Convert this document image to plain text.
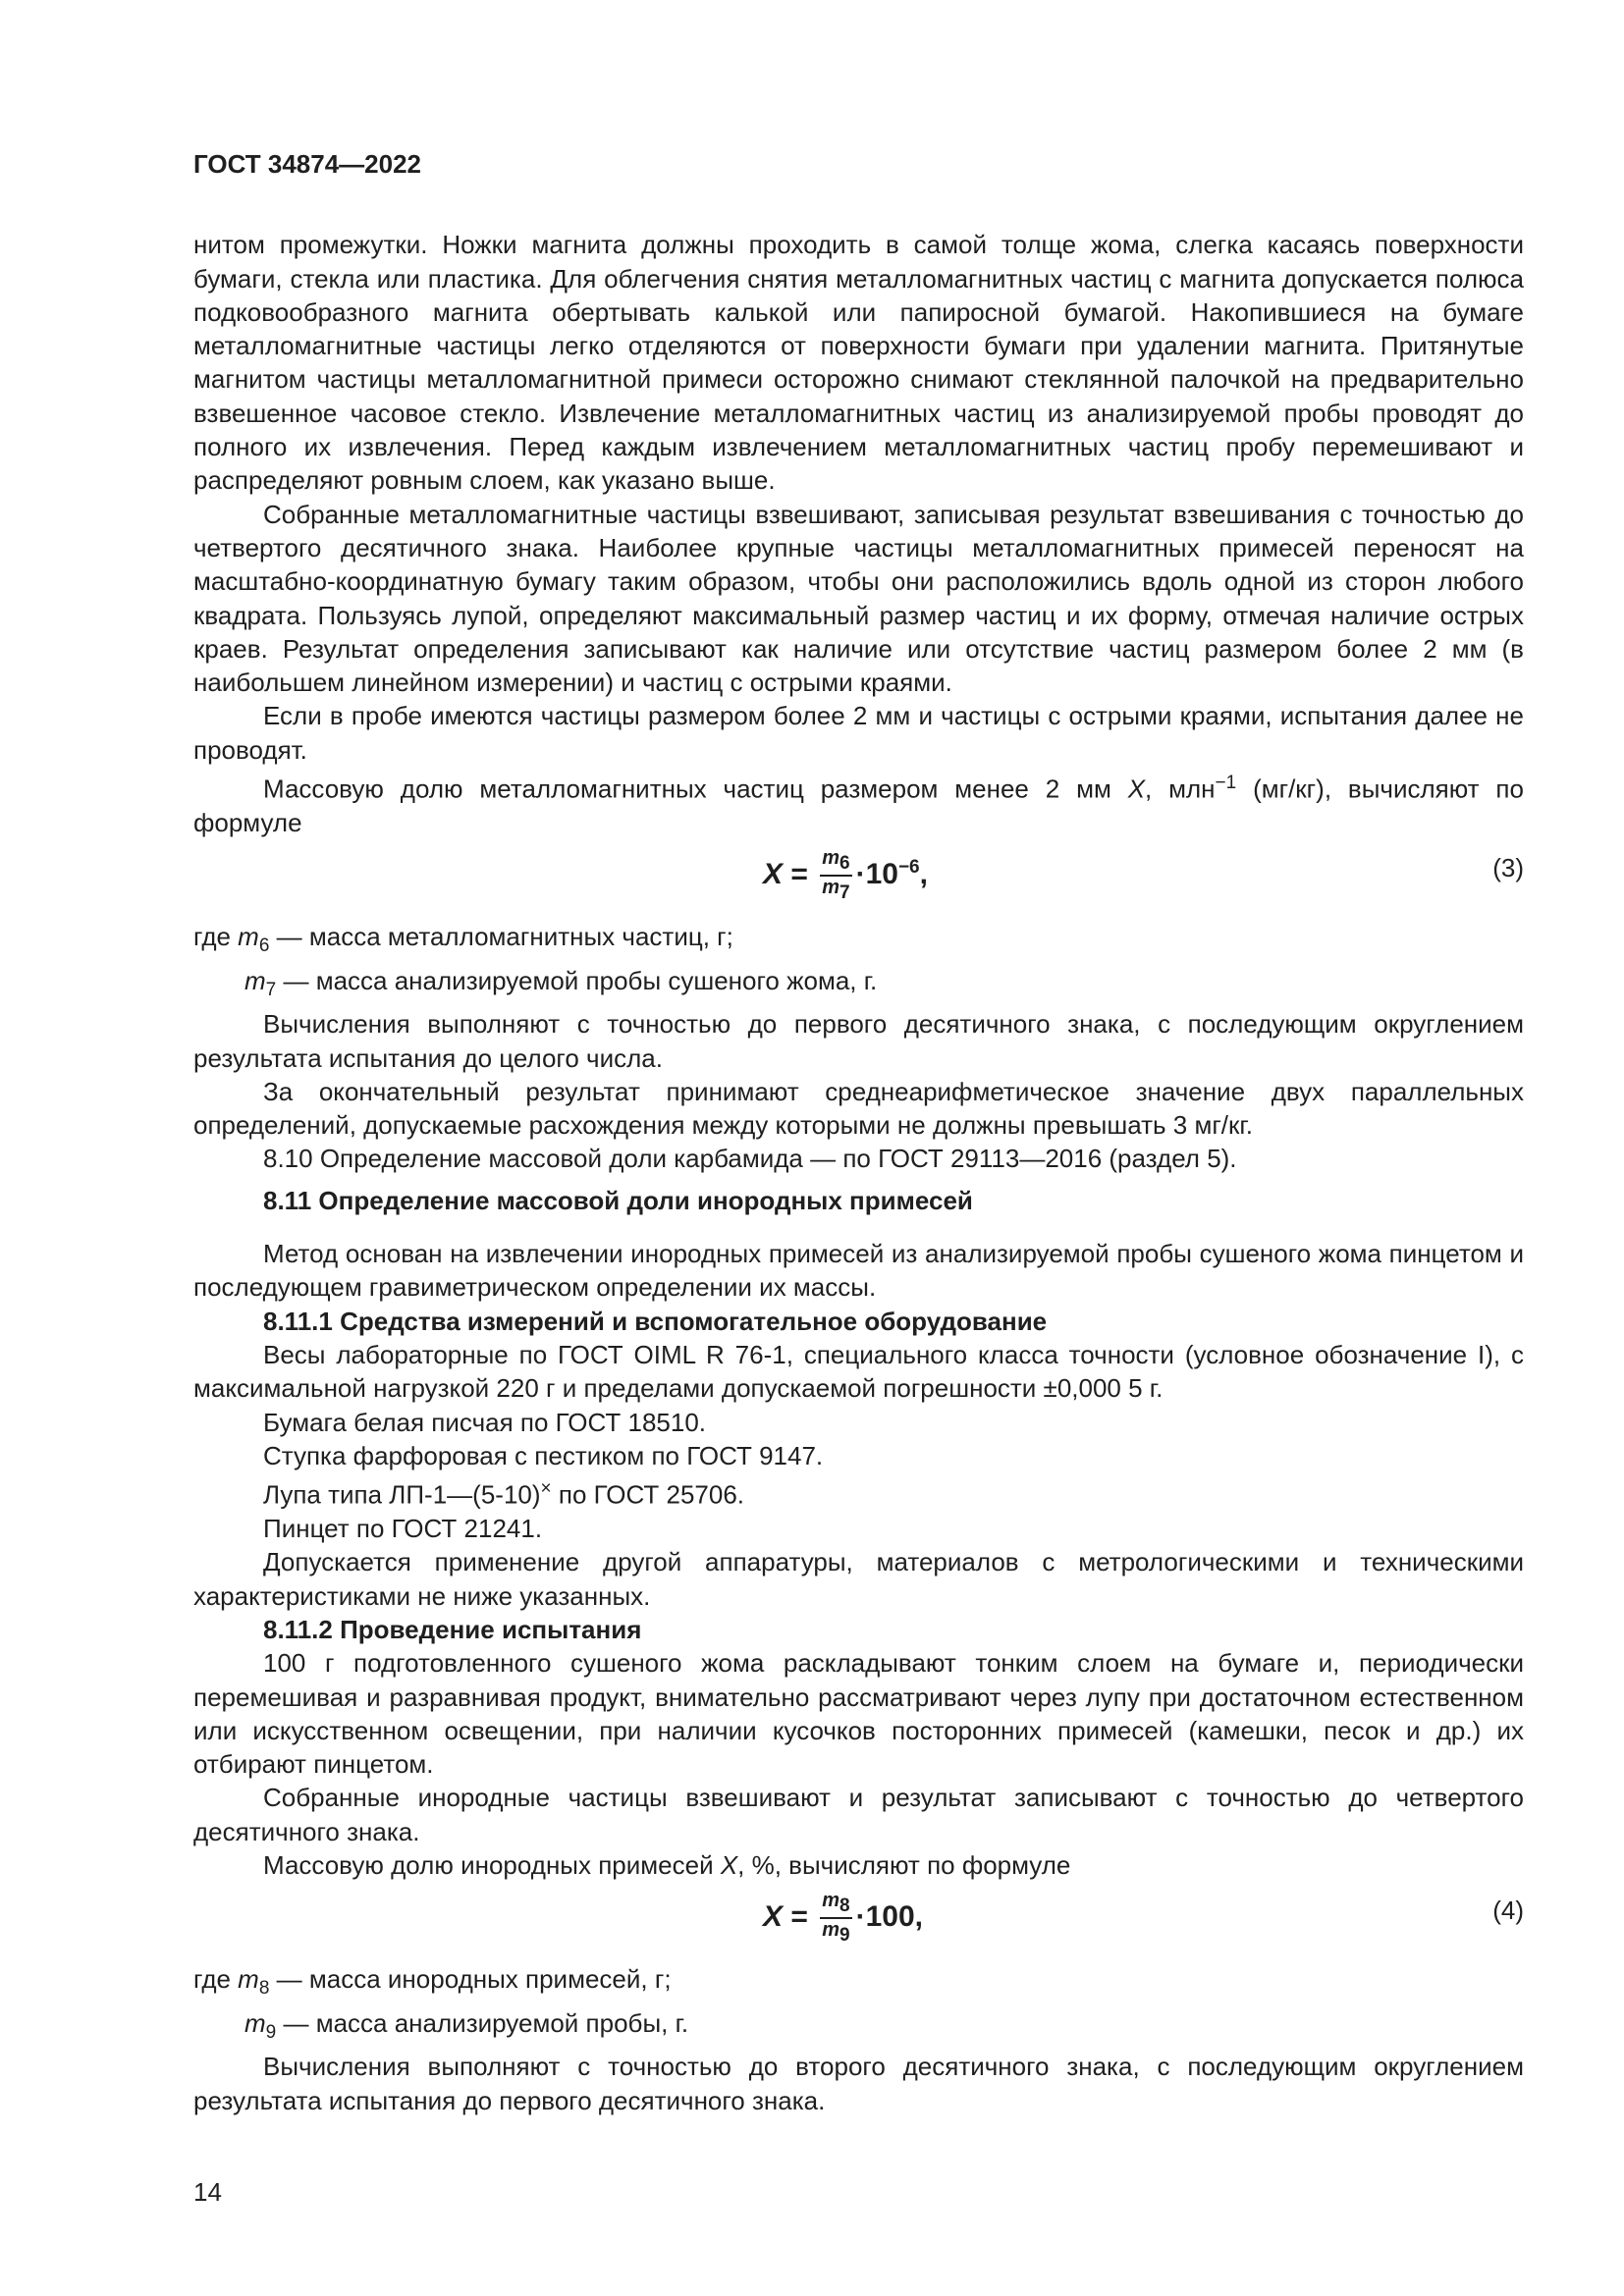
ГОСТ 34874—2022

нитом промежутки. Ножки магнита должны проходить в самой толще жома, слегка касаясь поверхности бумаги, стекла или пластика. Для облегчения снятия металломагнитных частиц с магнита допускается полюса подковообразного магнита обертывать калькой или папиросной бумагой. Накопившиеся на бумаге металломагнитные частицы легко отделяются от поверхности бумаги при удалении магнита. Притянутые магнитом частицы металломагнитной примеси осторожно снимают стеклянной палочкой на предварительно взвешенное часовое стекло. Извлечение металломагнитных частиц из анализируемой пробы проводят до полного их извлечения. Перед каждым извлечением металломагнитных частиц пробу перемешивают и распределяют ровным слоем, как указано выше.

Собранные металломагнитные частицы взвешивают, записывая результат взвешивания с точностью до четвертого десятичного знака. Наиболее крупные частицы металломагнитных примесей переносят на масштабно-координатную бумагу таким образом, чтобы они расположились вдоль одной из сторон любого квадрата. Пользуясь лупой, определяют максимальный размер частиц и их форму, отмечая наличие острых краев. Результат определения записывают как наличие или отсутствие частиц размером более 2 мм (в наибольшем линейном измерении) и частиц с острыми краями.

Если в пробе имеются частицы размером более 2 мм и частицы с острыми краями, испытания далее не проводят.

Массовую долю металломагнитных частиц размером менее 2 мм X, млн$^{-1}$ (мг/кг), вычисляют по формуле

$X = \frac{m_6}{m_7} \cdot 10^{-6}$,	(3)
где $m_6$ — масса металломагнитных частиц, г;
$m_7$ — масса анализируемой пробы сушеного жома, г.

Вычисления выполняют с точностью до первого десятичного знака, с последующим округлением результата испытания до целого числа.

За окончательный результат принимают среднеарифметическое значение двух параллельных определений, допускаемые расхождения между которыми не должны превышать 3 мг/кг.

8.10 Определение массовой доли карбамида — по ГОСТ 29113—2016 (раздел 5).

8.11 Определение массовой доли инородных примесей

Метод основан на извлечении инородных примесей из анализируемой пробы сушеного жома пинцетом и последующем гравиметрическом определении их массы.

8.11.1 Средства измерений и вспомогательное оборудование

Весы лабораторные по ГОСТ OIML R 76-1, специального класса точности (условное обозначение I), с максимальной нагрузкой 220 г и пределами допускаемой погрешности ±0,000 5 г.

Бумага белая писчая по ГОСТ 18510.

Ступка фарфоровая с пестиком по ГОСТ 9147.

Лупа типа ЛП-1—(5-10)× по ГОСТ 25706.

Пинцет по ГОСТ 21241.

Допускается применение другой аппаратуры, материалов с метрологическими и техническими характеристиками не ниже указанных.

8.11.2 Проведение испытания

100 г подготовленного сушеного жома раскладывают тонким слоем на бумаге и, периодически перемешивая и разравнивая продукт, внимательно рассматривают через лупу при достаточном естественном или искусственном освещении, при наличии кусочков посторонних примесей (камешки, песок и др.) их отбирают пинцетом.

Собранные инородные частицы взвешивают и результат записывают с точностью до четвертого десятичного знака.

Массовую долю инородных примесей X, %, вычисляют по формуле

$X = \frac{m_8}{m_9} \cdot 100$,	(4)
где $m_8$ — масса инородных примесей, г;
$m_9$ — масса анализируемой пробы, г.

Вычисления выполняют с точностью до второго десятичного знака, с последующим округлением результата испытания до первого десятичного знака.

14
